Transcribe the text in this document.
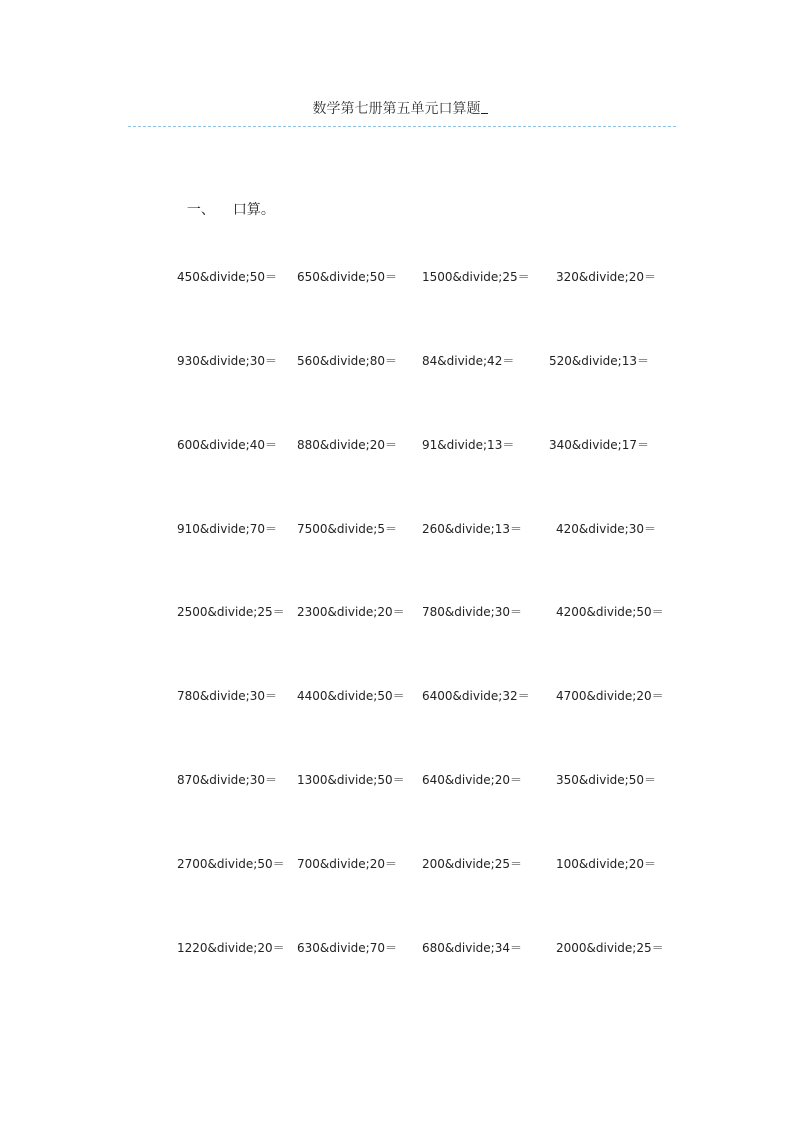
数学第七册第五单元口算题

一、 口算。

450&divide;50＝ 650&divide;50＝ 1500&divide;25＝ 320&divide;20＝
930&divide;30＝ 560&divide;80＝ 84&divide;42＝	520&divide;13＝
600&divide;40＝ 880&divide;20＝ 91&divide;13＝	340&divide;17＝
910&divide;70＝ 7500&divide;5＝ 260&divide;13＝	420&divide;30＝
2500&divide;25＝ 2300&divide;20＝ 780&divide;30＝	4200&divide;50＝
780&divide;30＝ 4400&divide;50＝ 6400&divide;32＝ 4700&divide;20＝
870&divide;30＝ 1300&divide;50＝ 640&divide;20＝	350&divide;50＝
2700&divide;50＝ 700&divide;20＝ 200&divide;25＝	100&divide;20＝
1220&divide;20＝ 630&divide;70＝ 680&divide;34＝	2000&divide;25＝
